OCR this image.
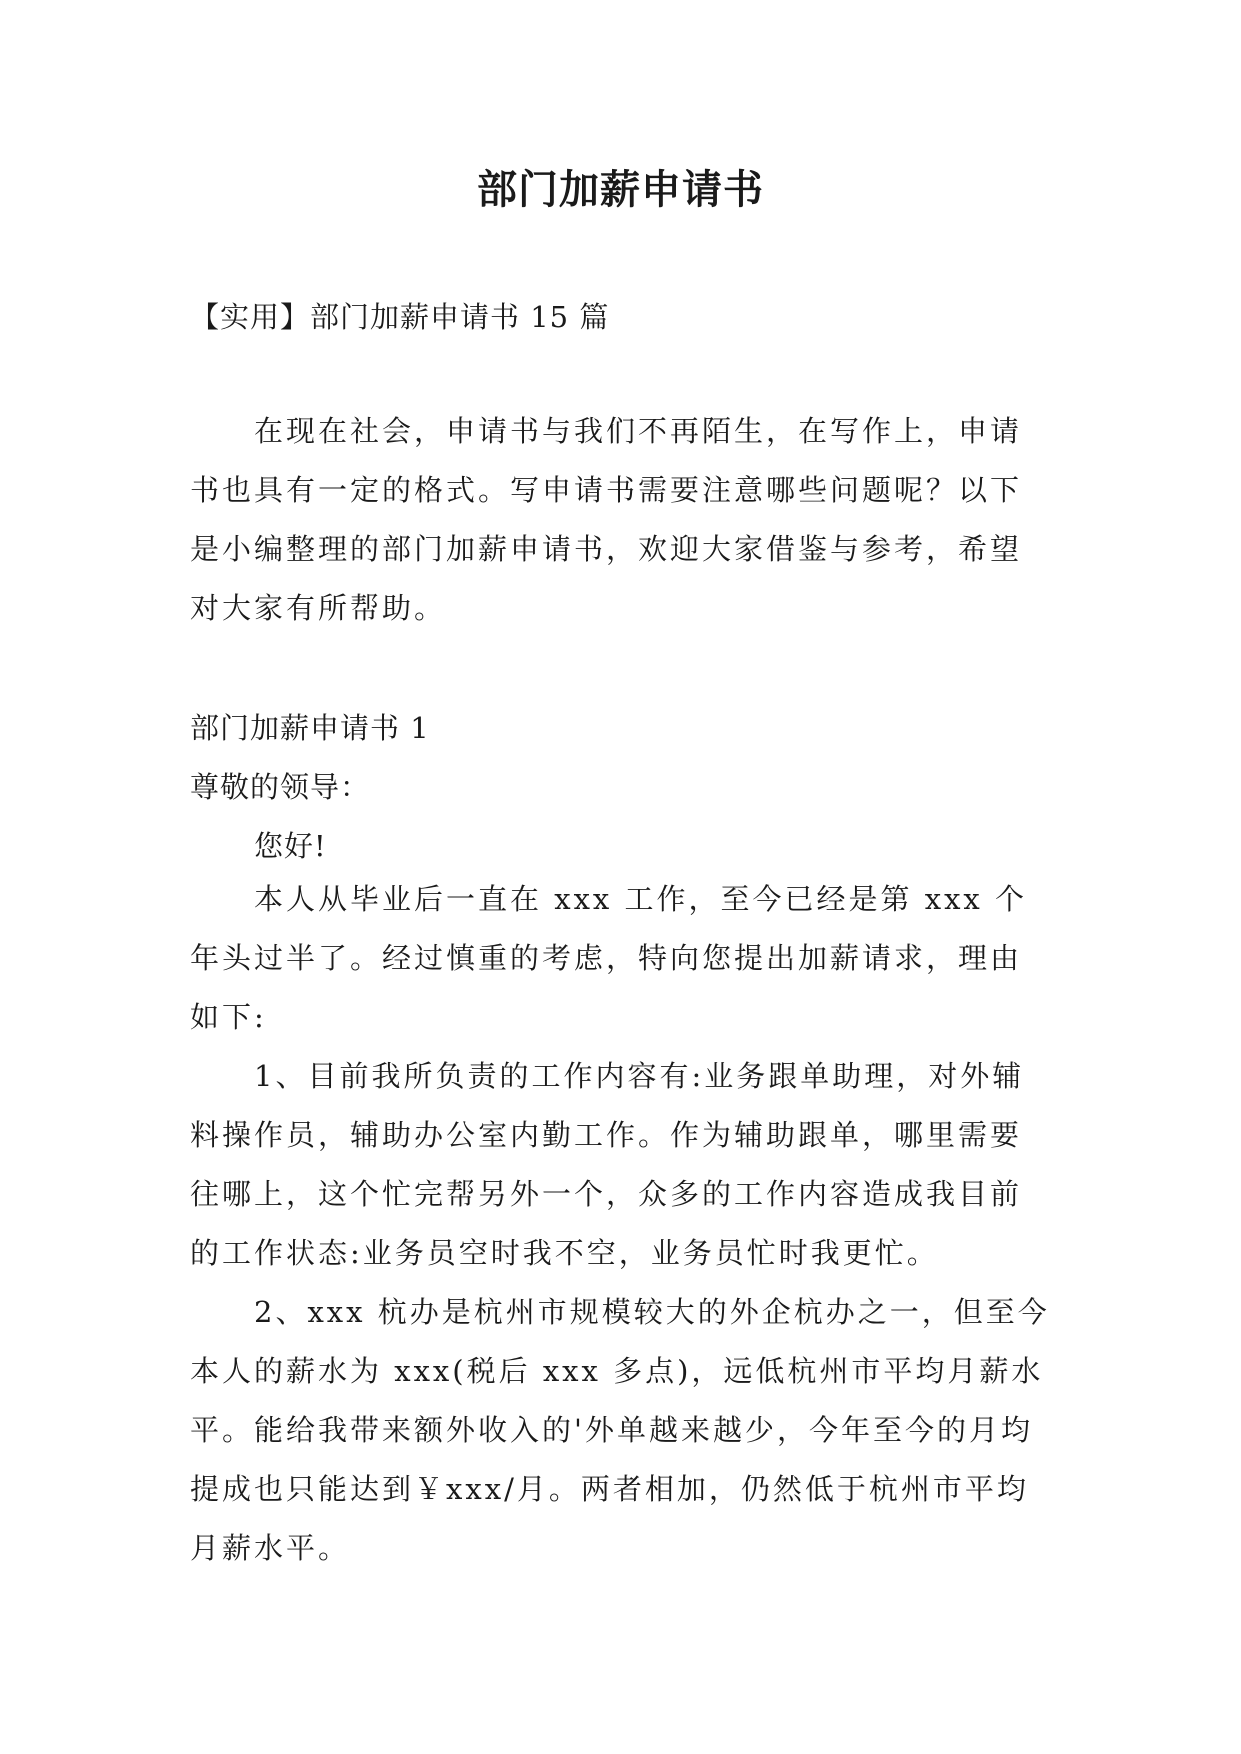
部门加薪申请书

【实用】部门加薪申请书 15 篇

在现在社会，申请书与我们不再陌生，在写作上，申请书也具有一定的格式。写申请书需要注意哪些问题呢？以下是小编整理的部门加薪申请书，欢迎大家借鉴与参考，希望对大家有所帮助。

部门加薪申请书 1

尊敬的领导：

您好!

本人从毕业后一直在 xxx 工作，至今已经是第 xxx 个年头过半了。经过慎重的考虑，特向您提出加薪请求，理由如下:

1、目前我所负责的工作内容有:业务跟单助理，对外辅料操作员，辅助办公室内勤工作。作为辅助跟单，哪里需要往哪上，这个忙完帮另外一个，众多的工作内容造成我目前的工作状态:业务员空时我不空，业务员忙时我更忙。

2、xxx 杭办是杭州市规模较大的外企杭办之一，但至今本人的薪水为 xxx(税后 xxx 多点)，远低杭州市平均月薪水平。能给我带来额外收入的'外单越来越少，今年至今的月均提成也只能达到￥xxx/月。两者相加，仍然低于杭州市平均月薪水平。
